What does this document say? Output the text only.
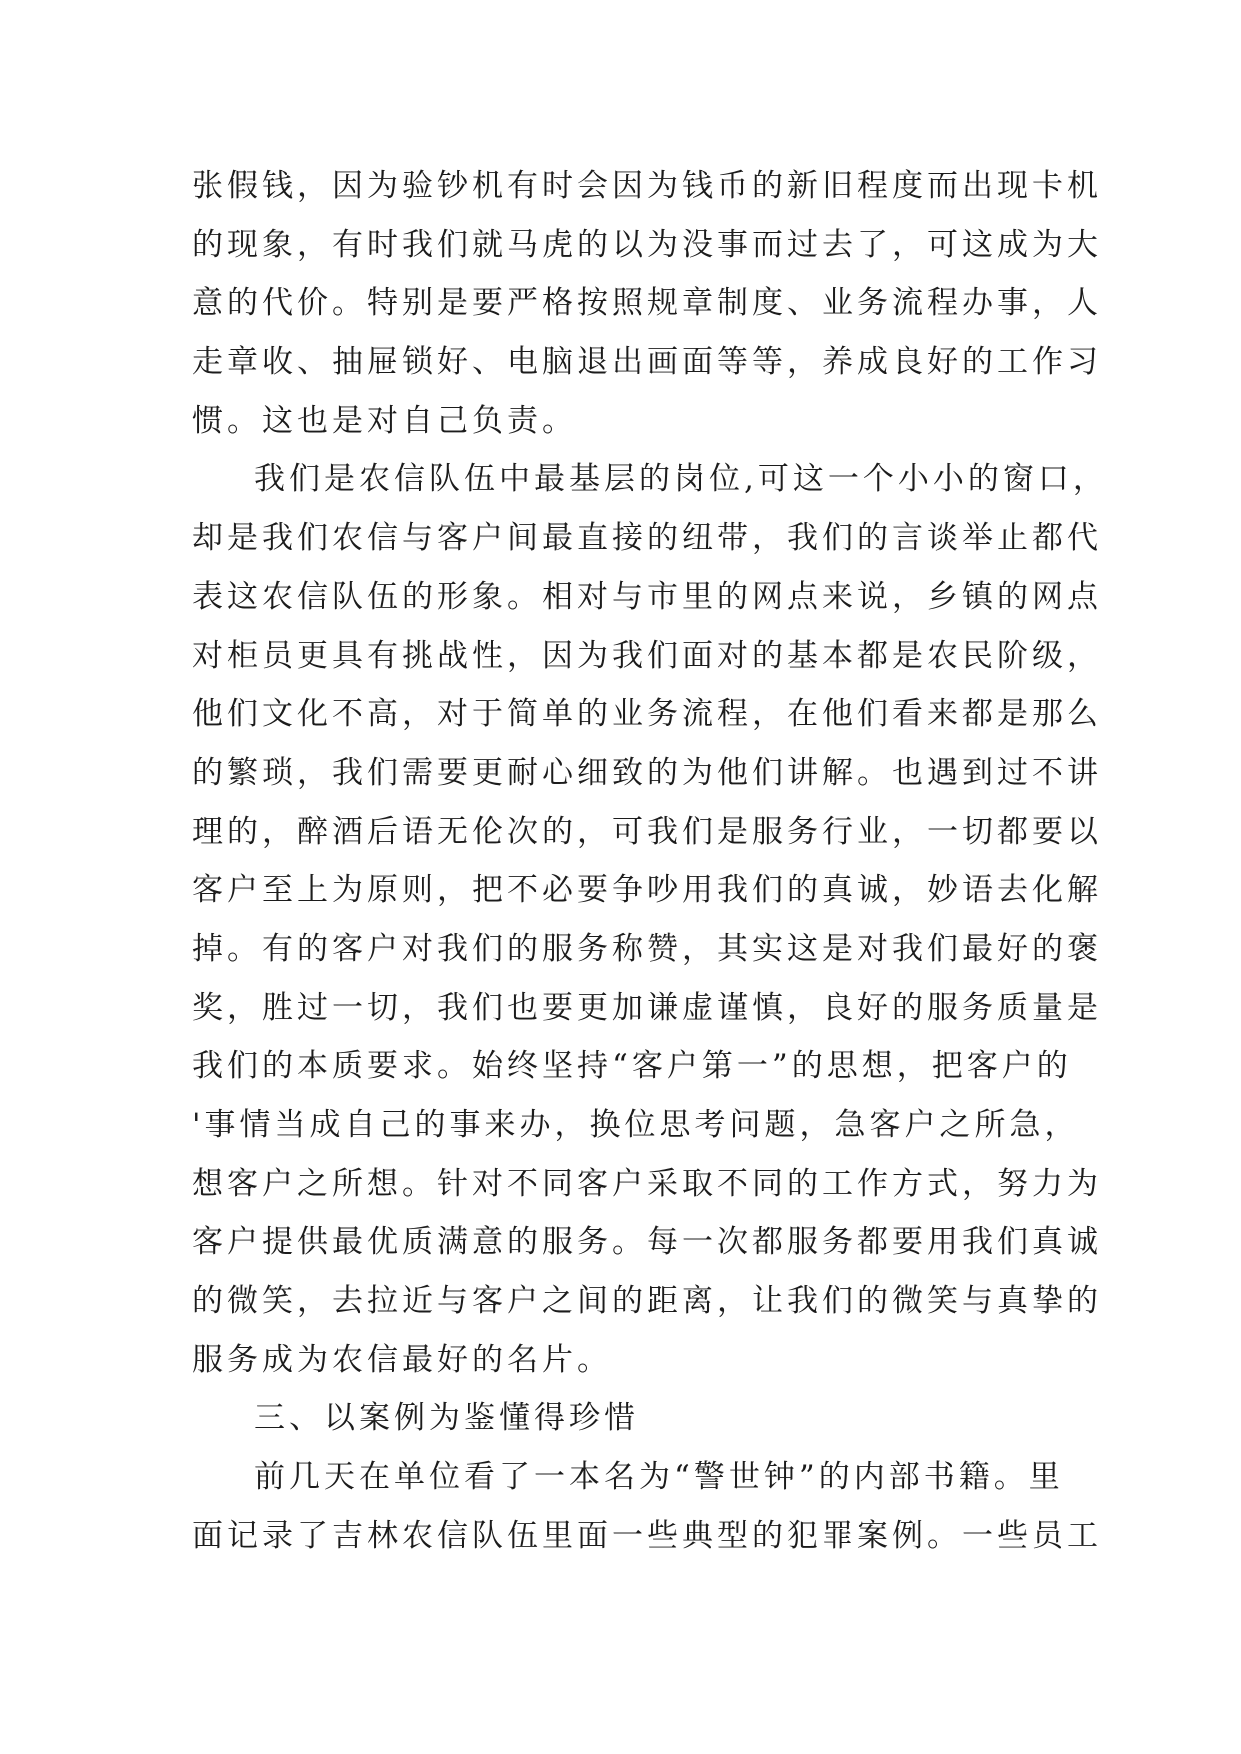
张假钱，因为验钞机有时会因为钱币的新旧程度而出现卡机
的现象，有时我们就马虎的以为没事而过去了，可这成为大
意的代价。特别是要严格按照规章制度、业务流程办事，人
走章收、抽屉锁好、电脑退出画面等等，养成良好的工作习
惯。这也是对自己负责。
我们是农信队伍中最基层的岗位,可这一个小小的窗口，
却是我们农信与客户间最直接的纽带，我们的言谈举止都代
表这农信队伍的形象。相对与市里的网点来说，乡镇的网点
对柜员更具有挑战性，因为我们面对的基本都是农民阶级，
他们文化不高，对于简单的业务流程，在他们看来都是那么
的繁琐，我们需要更耐心细致的为他们讲解。也遇到过不讲
理的，醉酒后语无伦次的，可我们是服务行业，一切都要以
客户至上为原则，把不必要争吵用我们的真诚，妙语去化解
掉。有的客户对我们的服务称赞，其实这是对我们最好的褒
奖，胜过一切，我们也要更加谦虚谨慎，良好的服务质量是
我们的本质要求。始终坚持“客户第一”的思想，把客户的
'事情当成自己的事来办，换位思考问题，急客户之所急，
想客户之所想。针对不同客户采取不同的工作方式，努力为
客户提供最优质满意的服务。每一次都服务都要用我们真诚
的微笑，去拉近与客户之间的距离，让我们的微笑与真挚的
服务成为农信最好的名片。
三、以案例为鉴懂得珍惜
前几天在单位看了一本名为“警世钟”的内部书籍。里
面记录了吉林农信队伍里面一些典型的犯罪案例。一些员工
